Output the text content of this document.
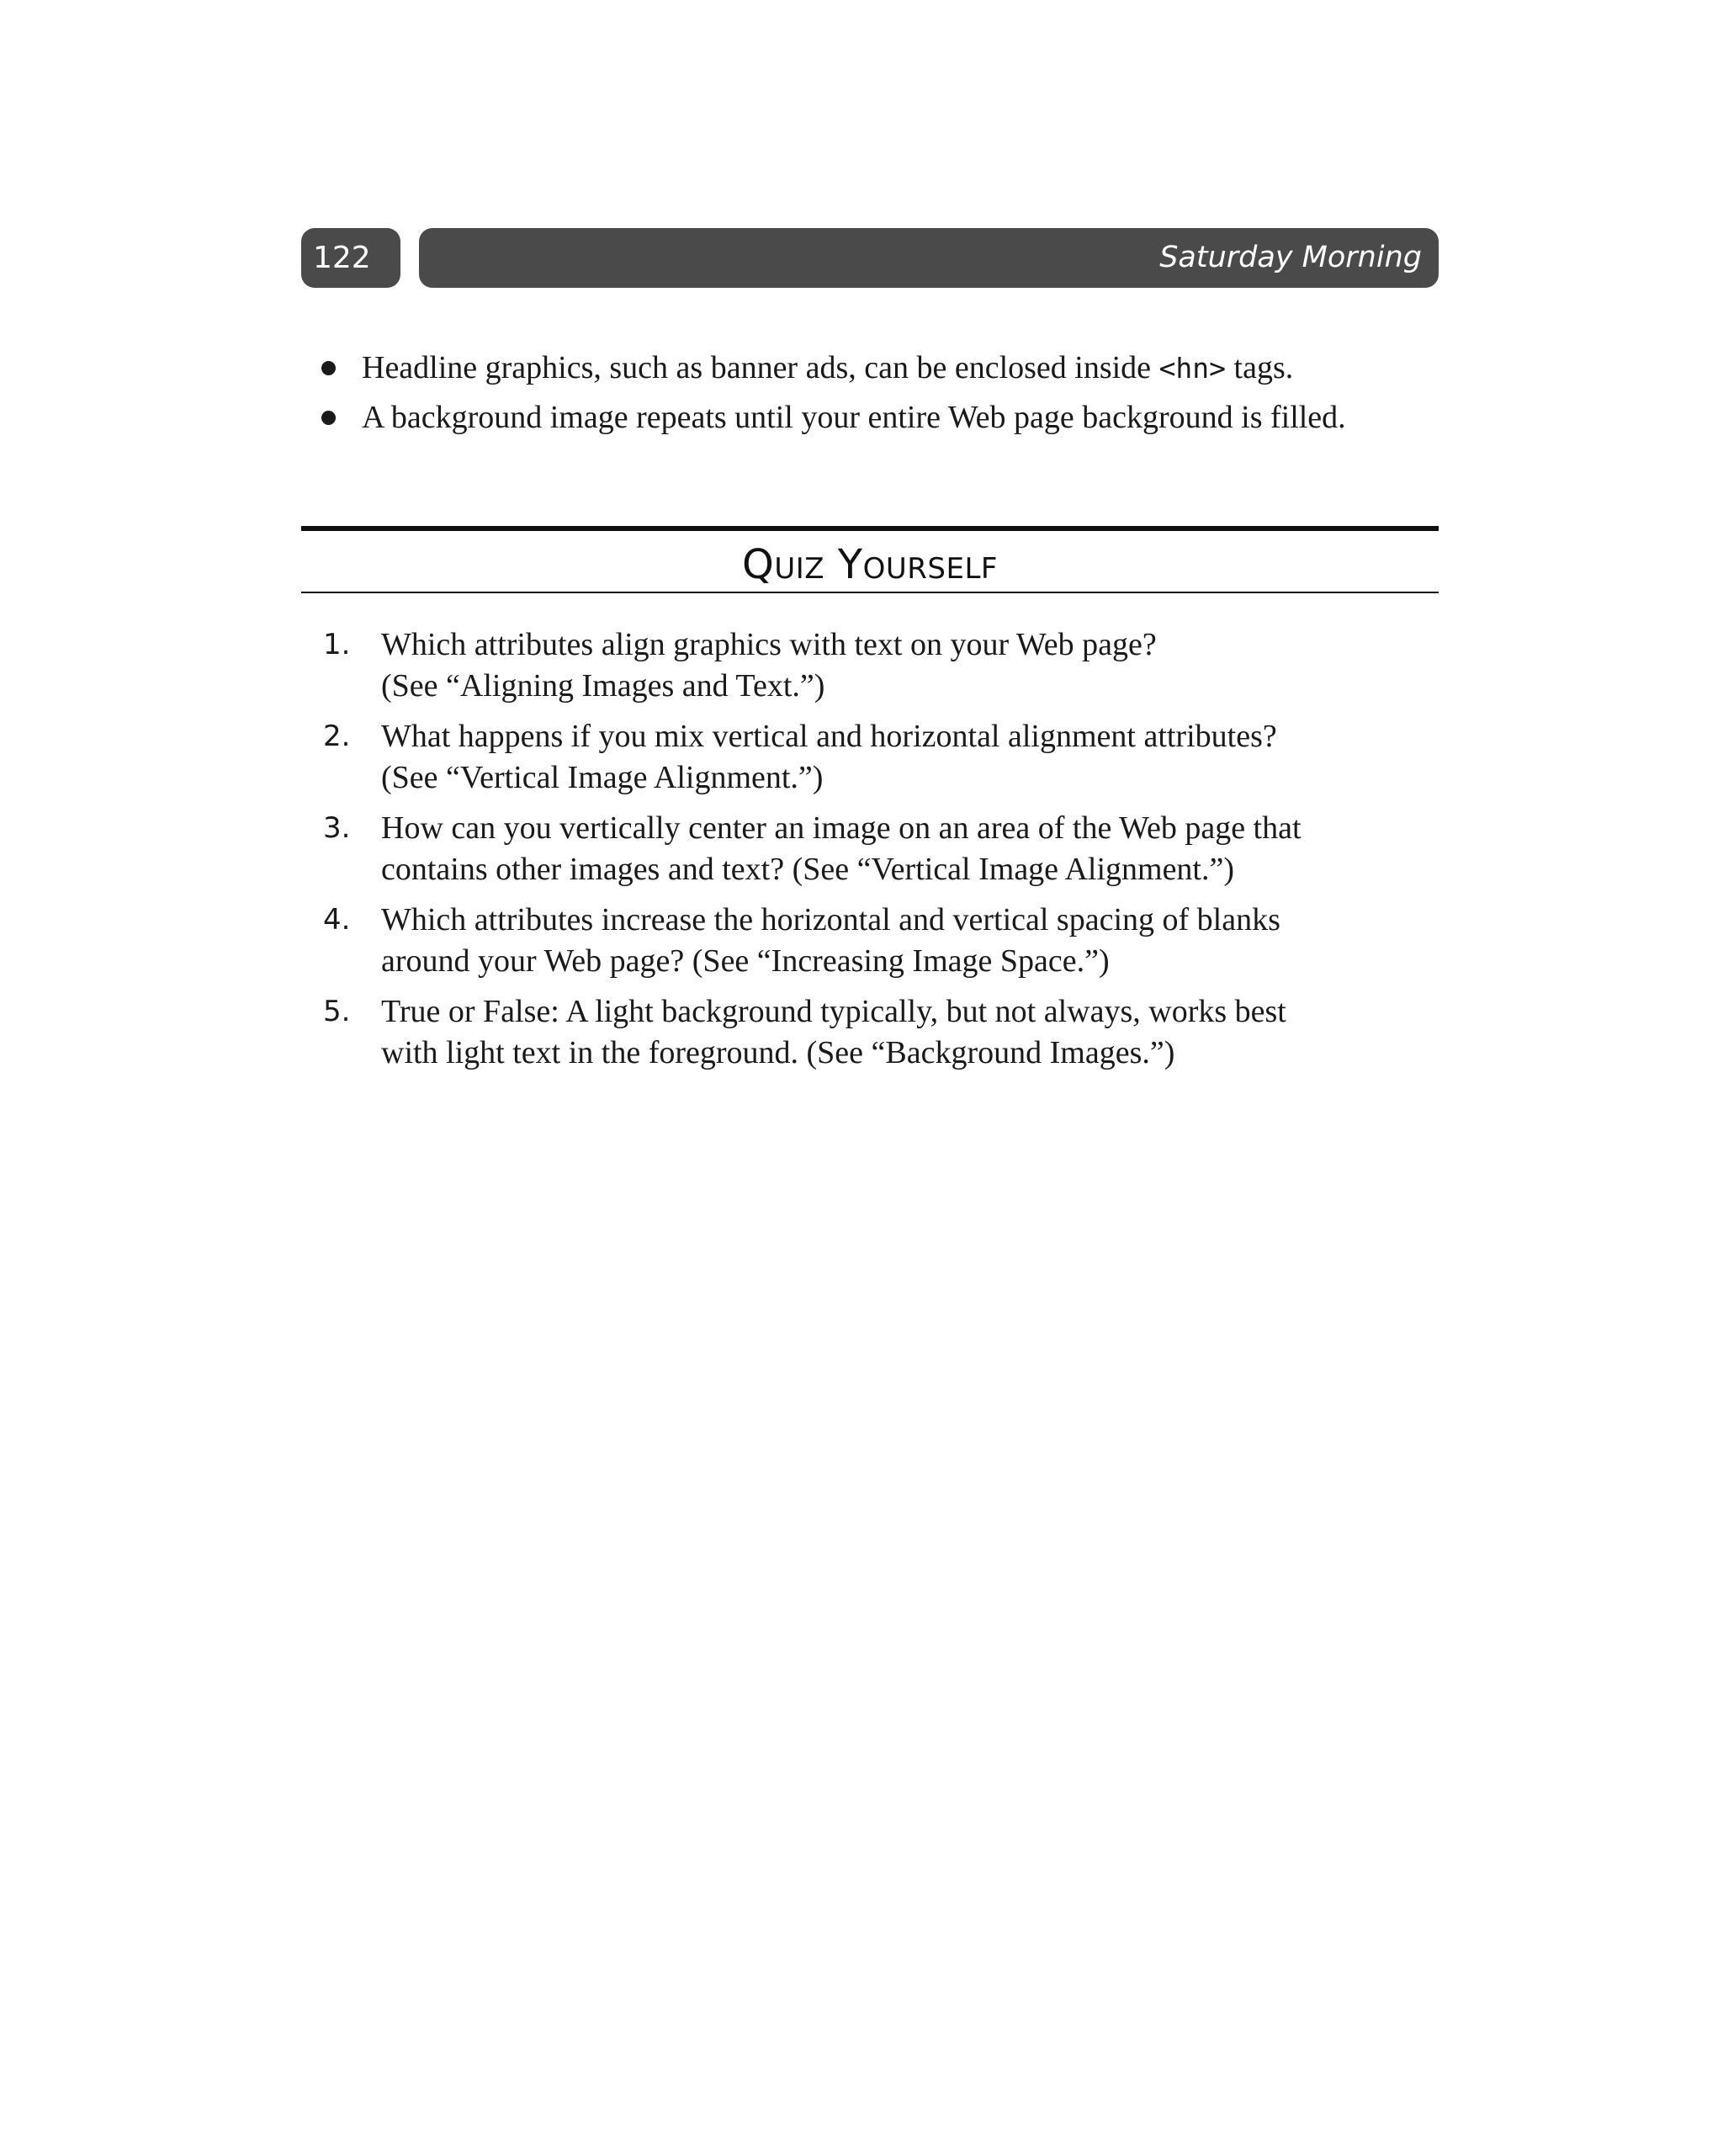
122	Saturday Morning
Headline graphics, such as banner ads, can be enclosed inside <hn> tags.
A background image repeats until your entire Web page background is filled.
Quiz Yourself
1. Which attributes align graphics with text on your Web page?
(See “Aligning Images and Text.”)
2. What happens if you mix vertical and horizontal alignment attributes?
(See “Vertical Image Alignment.”)
3. How can you vertically center an image on an area of the Web page that
contains other images and text? (See “Vertical Image Alignment.”)
4. Which attributes increase the horizontal and vertical spacing of blanks
around your Web page? (See “Increasing Image Space.”)
5. True or False: A light background typically, but not always, works best
with light text in the foreground. (See “Background Images.”)
